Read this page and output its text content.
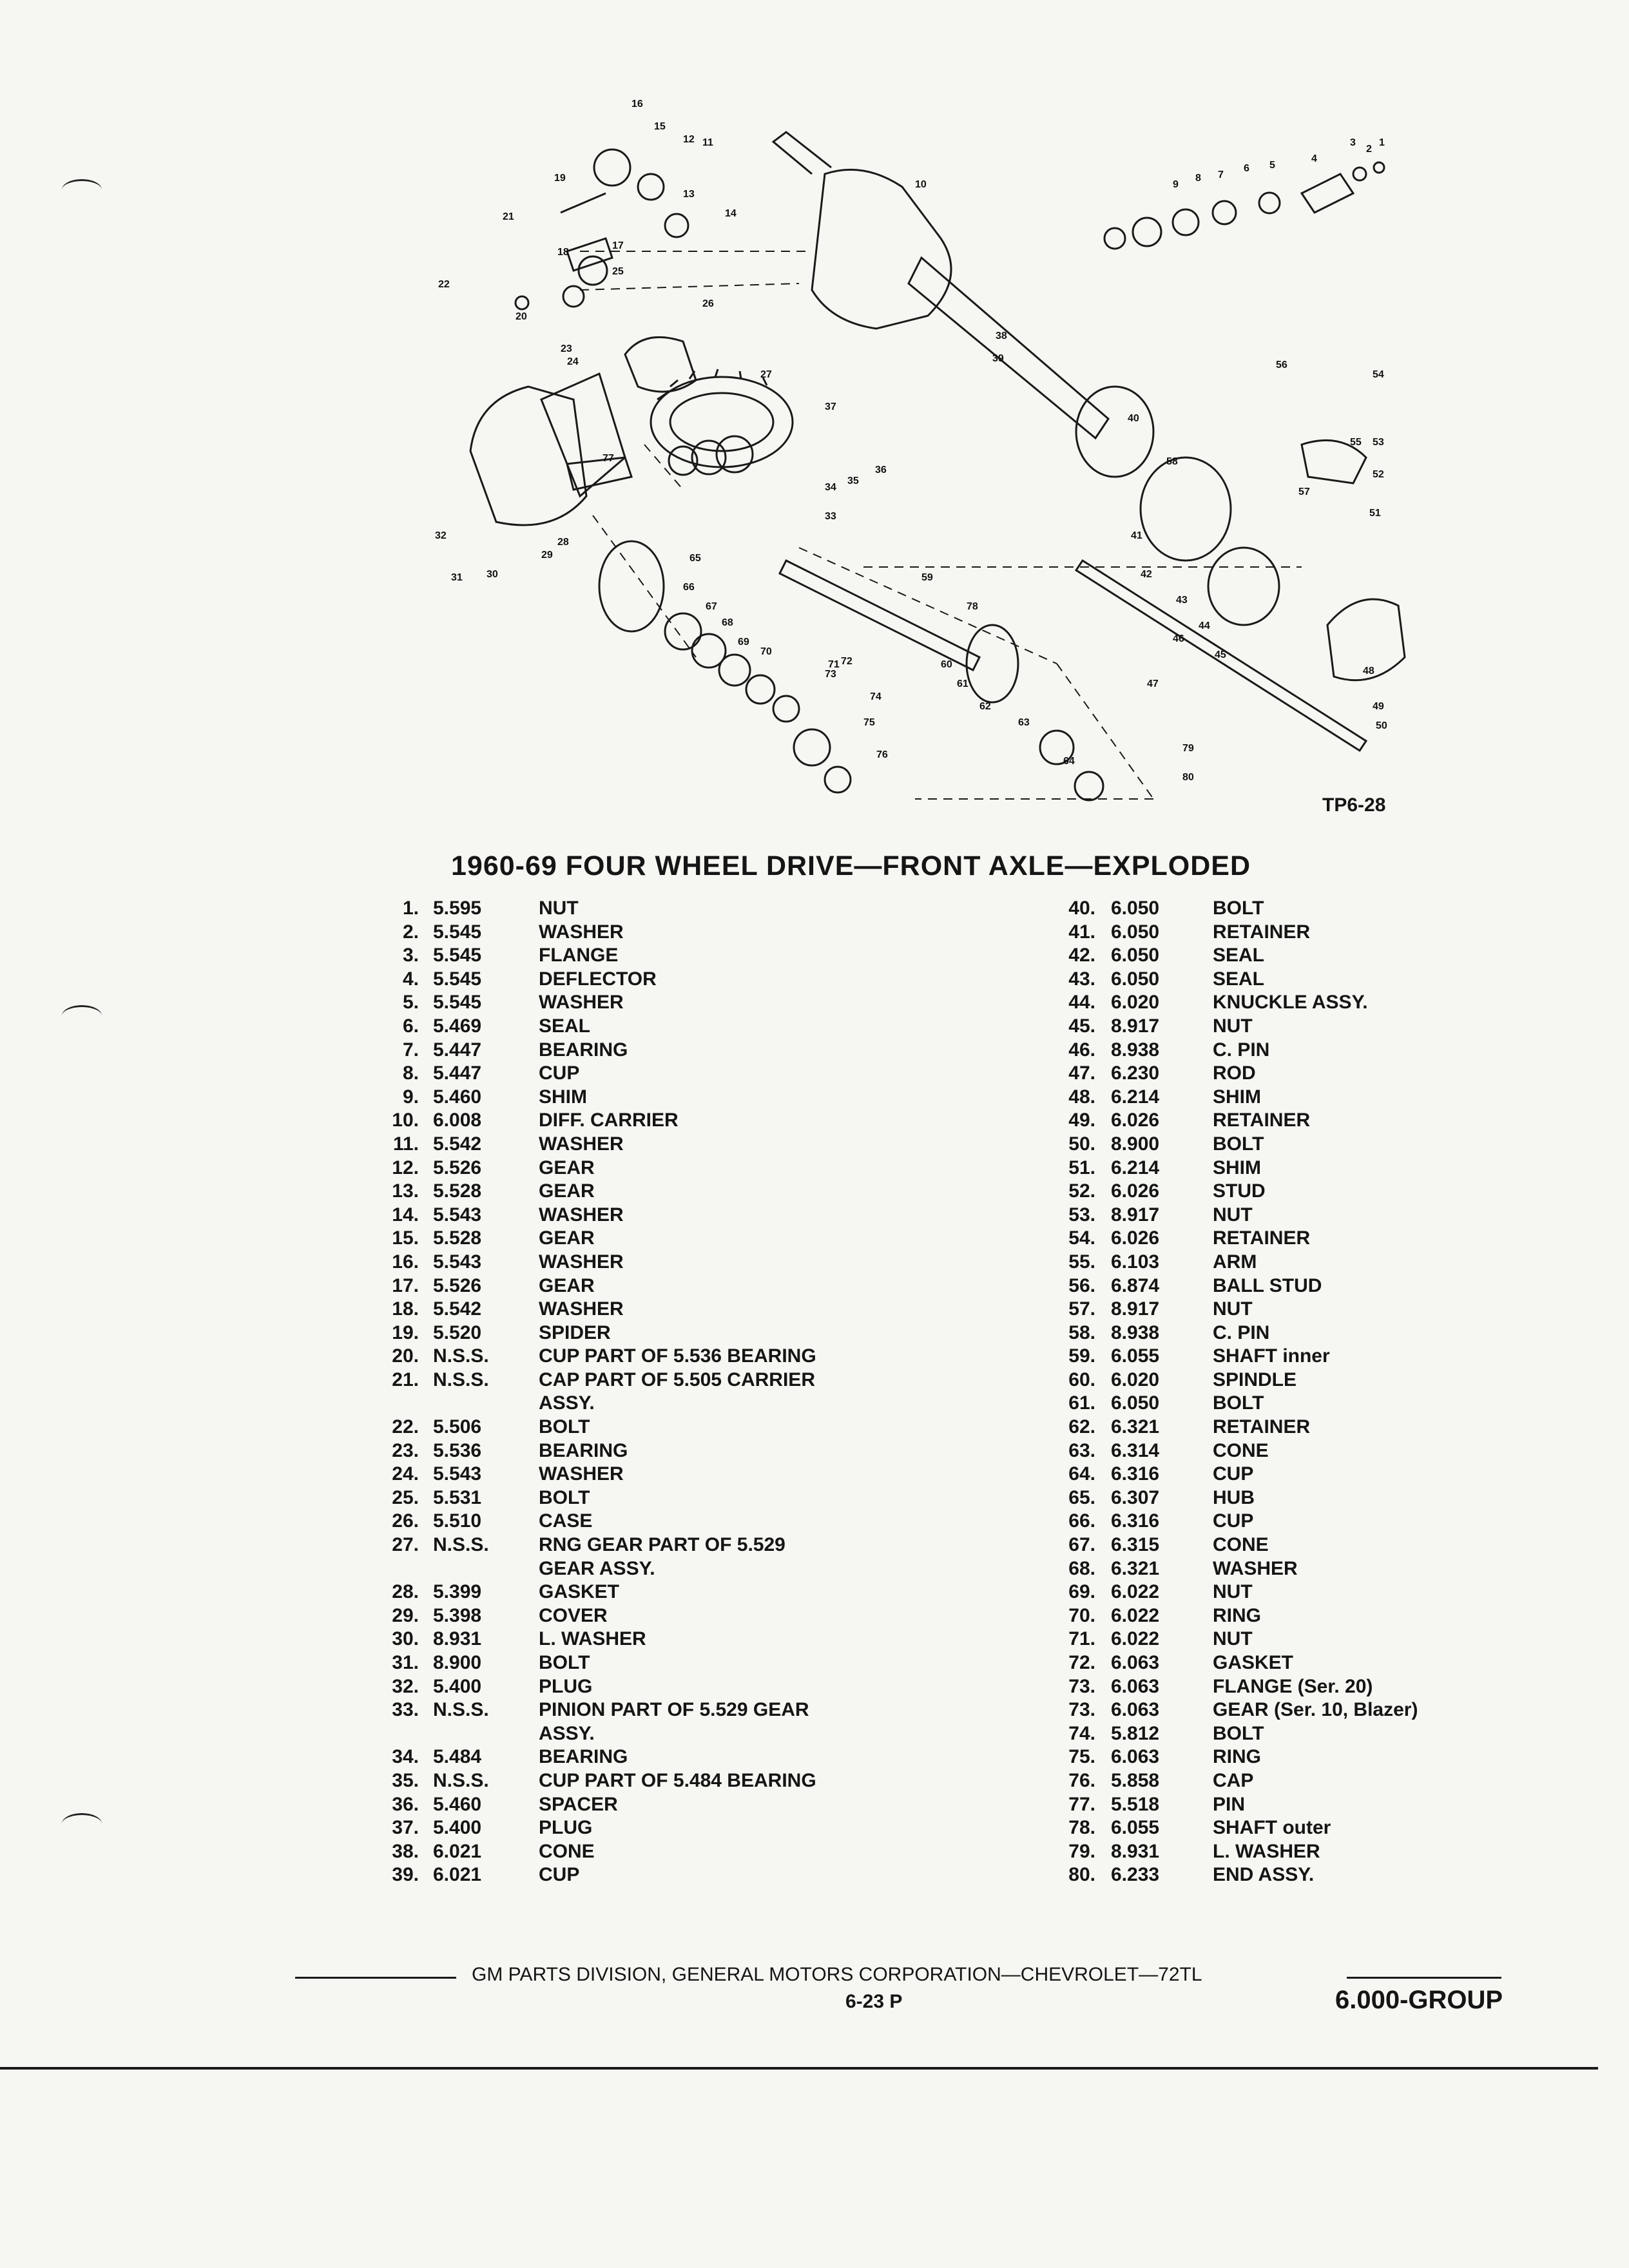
1
2
3
4
5
6
7
8
9
10
11
12
13
14
15
16
17
18
19
20
21
22
23
24
25
26
27
28
29
30
31
32
33
34
35
36
37
38
39
40
41
42
43
44
45
46
47
48
49
50
51
52
53
54
55
56
57
58
59
60
61
62
63
64
65
66
67
68
69
70
71 72
73
74
75
76
77
78
79
80
TP6-28
1960-69 FOUR WHEEL DRIVE—FRONT AXLE—EXPLODED
1. 5.595	NUT
2. 5.545	WASHER
3. 5.545	FLANGE
4. 5.545	DEFLECTOR
5. 5.545	WASHER
6. 5.469	SEAL
7. 5.447	BEARING
8. 5.447	CUP
9. 5.460	SHIM
10. 6.008	DIFF. CARRIER
11. 5.542	WASHER
12. 5.526	GEAR
13. 5.528	GEAR
14. 5.543	WASHER
15. 5.528	GEAR
16. 5.543	WASHER
17. 5.526	GEAR
18. 5.542	WASHER
19. 5.520	SPIDER
20. N.S.S.	CUP PART OF 5.536 BEARING
21. N.S.S.	CAP PART OF 5.505 CARRIER
ASSY.
22. 5.506	BOLT
23. 5.536	BEARING
24. 5.543	WASHER
25. 5.531	BOLT
26. 5.510	CASE
27. N.S.S.	RNG GEAR PART OF 5.529
GEAR ASSY.
28. 5.399	GASKET
29. 5.398	COVER
30. 8.931	L. WASHER
31. 8.900	BOLT
32. 5.400	PLUG
33. N.S.S.	PINION PART OF 5.529 GEAR
ASSY.
34. 5.484	BEARING
35. N.S.S.	CUP PART OF 5.484 BEARING
36. 5.460	SPACER
37. 5.400	PLUG
38. 6.021	CONE
39. 6.021	CUP
40. 6.050	BOLT
41. 6.050	RETAINER
42. 6.050	SEAL
43. 6.050	SEAL
44. 6.020	KNUCKLE ASSY.
45. 8.917	NUT
46. 8.938	C. PIN
47. 6.230	ROD
48. 6.214	SHIM
49. 6.026	RETAINER
50. 8.900	BOLT
51. 6.214	SHIM
52. 6.026	STUD
53. 8.917	NUT
54. 6.026	RETAINER
55. 6.103	ARM
56. 6.874	BALL STUD
57. 8.917	NUT
58. 8.938	C. PIN
59. 6.055	SHAFT inner
60. 6.020	SPINDLE
61. 6.050	BOLT
62. 6.321	RETAINER
63. 6.314	CONE
64. 6.316	CUP
65. 6.307	HUB
66. 6.316	CUP
67. 6.315	CONE
68. 6.321	WASHER
69. 6.022	NUT
70. 6.022	RING
71. 6.022	NUT
72. 6.063	GASKET
73. 6.063	FLANGE (Ser. 20)
73. 6.063	GEAR (Ser. 10, Blazer)
74. 5.812	BOLT
75. 6.063	RING
76. 5.858	CAP
77. 5.518	PIN
78. 6.055	SHAFT outer
79. 8.931	L. WASHER
80. 6.233	END ASSY.
GM PARTS DIVISION, GENERAL MOTORS CORPORATION—CHEVROLET—72TL
6-23 P	6.000-GROUP
